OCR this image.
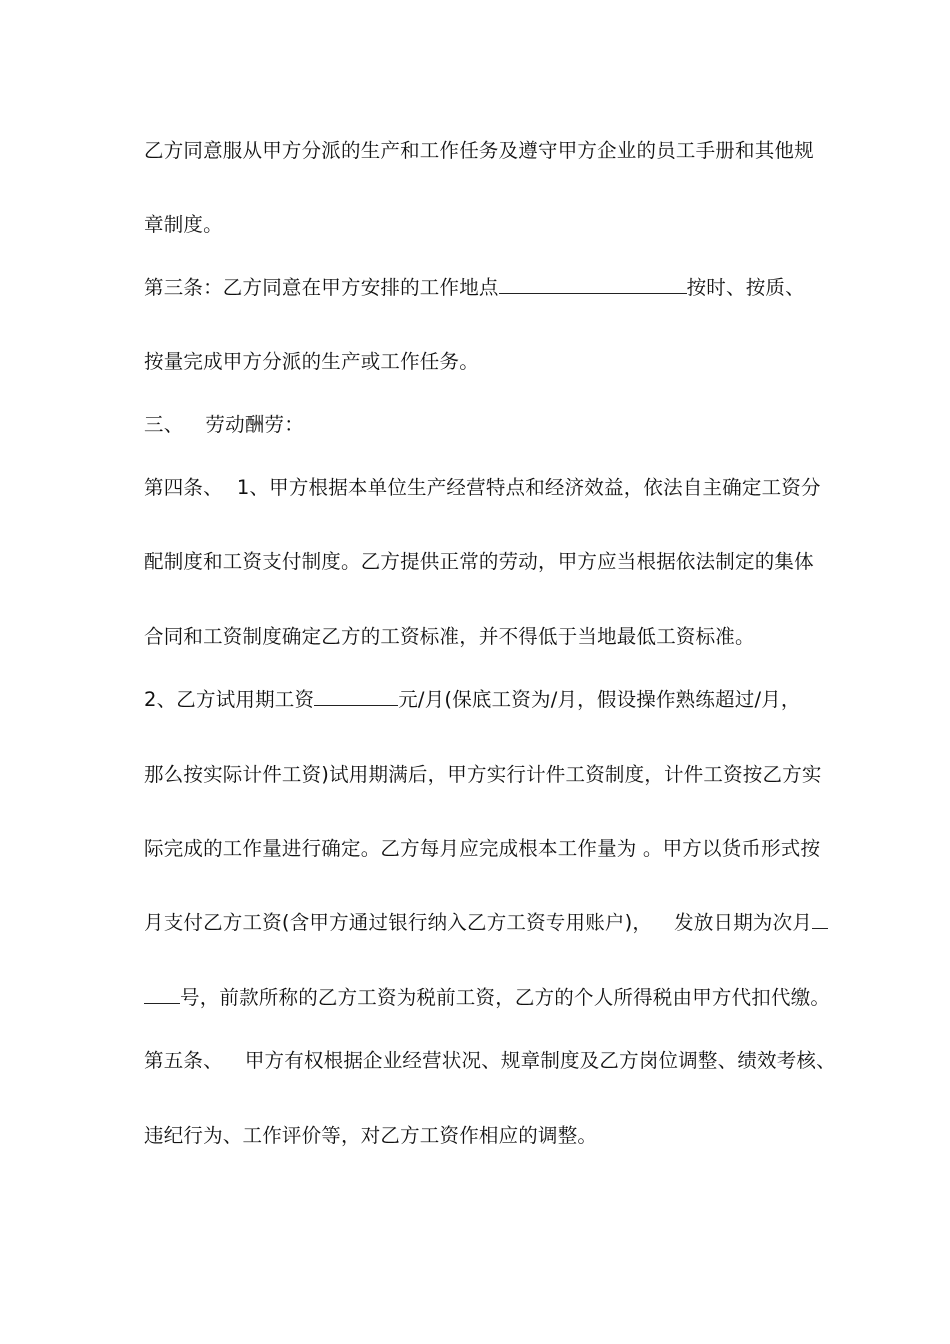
乙方同意服从甲方分派的生产和工作任务及遵守甲方企业的员工手册和其他规
章制度。
第三条：乙方同意在甲方安排的工作地点	按时、按质、
按量完成甲方分派的生产或工作任务。
三、 劳动酬劳：
第四条、 1、甲方根据本单位生产经营特点和经济效益，依法自主确定工资分
配制度和工资支付制度。乙方提供正常的劳动，甲方应当根据依法制定的集体
合同和工资制度确定乙方的工资标准，并不得低于当地最低工资标准。
2、乙方试用期工资	元/月(保底工资为/月，假设操作熟练超过/月，
那么按实际计件工资)试用期满后，甲方实行计件工资制度，计件工资按乙方实
际完成的工作量进行确定。乙方每月应完成根本工作量为 。甲方以货币形式按
月支付乙方工资(含甲方通过银行纳入乙方工资专用账户)， 发放日期为次月
号，前款所称的乙方工资为税前工资，乙方的个人所得税由甲方代扣代缴。
第五条、 甲方有权根据企业经营状况、规章制度及乙方岗位调整、绩效考核、
违纪行为、工作评价等，对乙方工资作相应的调整。
